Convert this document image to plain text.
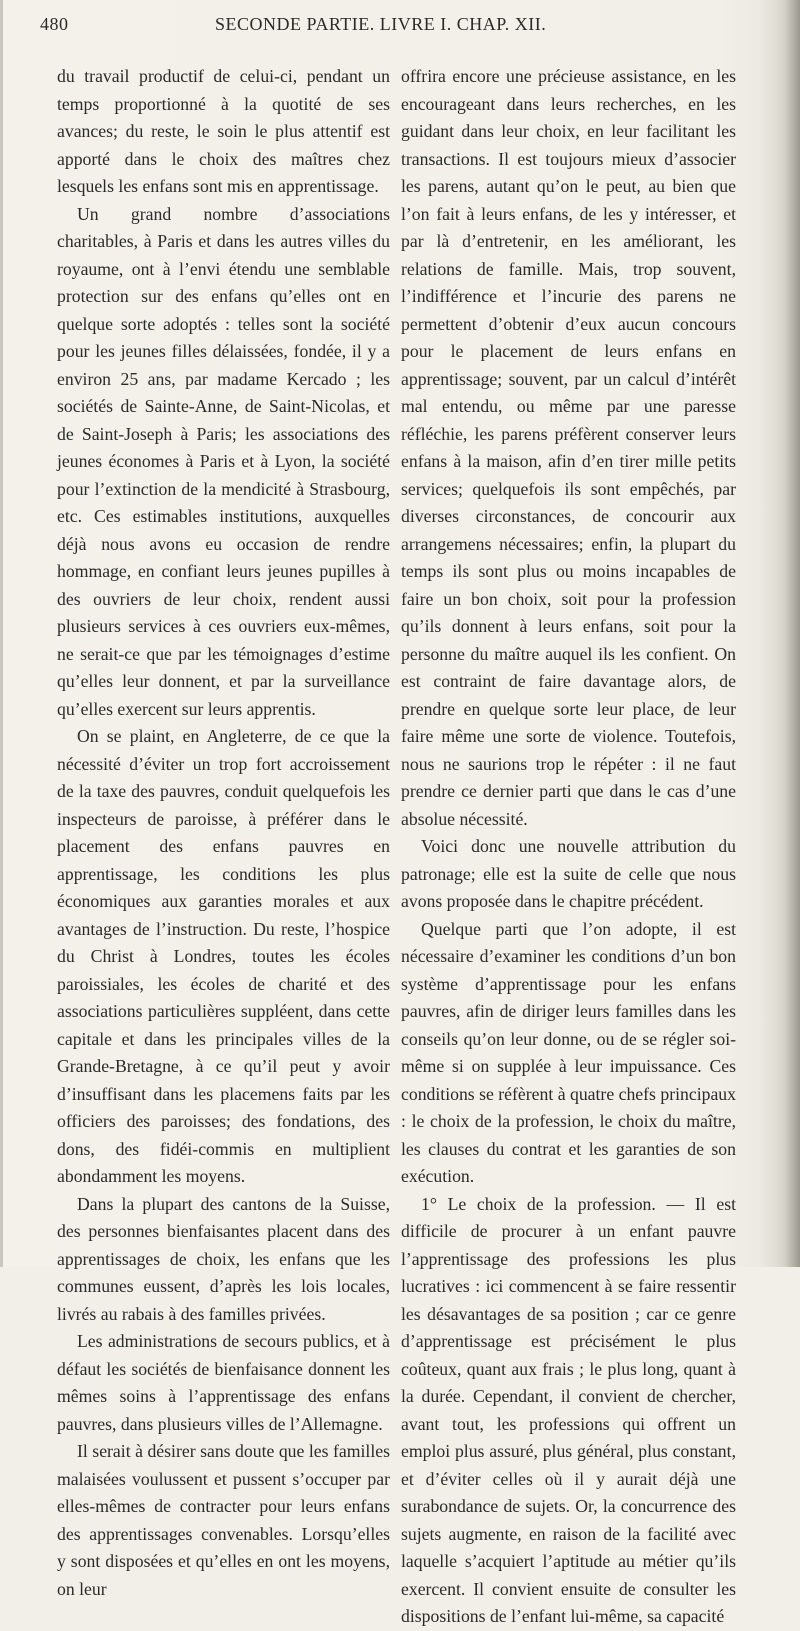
480	SECONDE PARTIE. LIVRE I. CHAP. XII.

du travail productif de celui-ci, pendant un temps proportionné à la quotité de ses avances; du reste, le soin le plus attentif est apporté dans le choix des maîtres chez lesquels les enfans sont mis en apprentissage.

Un grand nombre d’associations charitables, à Paris et dans les autres villes du royaume, ont à l’envi étendu une semblable protection sur des enfans qu’elles ont en quelque sorte adoptés : telles sont la société pour les jeunes filles délaissées, fondée, il y a environ 25 ans, par madame Kercado ; les sociétés de Sainte-Anne, de Saint-Nicolas, et de Saint-Joseph à Paris; les associations des jeunes économes à Paris et à Lyon, la société pour l’extinction de la mendicité à Strasbourg, etc. Ces estimables institutions, auxquelles déjà nous avons eu occasion de rendre hommage, en confiant leurs jeunes pupilles à des ouvriers de leur choix, rendent aussi plusieurs services à ces ouvriers eux-mêmes, ne serait-ce que par les témoignages d’estime qu’elles leur donnent, et par la surveillance qu’elles exercent sur leurs apprentis.

On se plaint, en Angleterre, de ce que la nécessité d’éviter un trop fort accroissement de la taxe des pauvres, conduit quelquefois les inspecteurs de paroisse, à préférer dans le placement des enfans pauvres en apprentissage, les conditions les plus économiques aux garanties morales et aux avantages de l’instruction. Du reste, l’hospice du Christ à Londres, toutes les écoles paroissiales, les écoles de charité et des associations particulières suppléent, dans cette capitale et dans les principales villes de la Grande-Bretagne, à ce qu’il peut y avoir d’insuffisant dans les placemens faits par les officiers des paroisses; des fondations, des dons, des fidéi-commis en multiplient abondamment les moyens.

Dans la plupart des cantons de la Suisse, des personnes bienfaisantes placent dans des apprentissages de choix, les enfans que les communes eussent, d’après les lois locales, livrés au rabais à des familles privées.

Les administrations de secours publics, et à défaut les sociétés de bienfaisance donnent les mêmes soins à l’apprentissage des enfans pauvres, dans plusieurs villes de l’Allemagne.

Il serait à désirer sans doute que les familles malaisées voulussent et pussent s’occuper par elles-mêmes de contracter pour leurs enfans des apprentissages convenables. Lorsqu’elles y sont disposées et qu’elles en ont les moyens, on leur

offrira encore une précieuse assistance, en les encourageant dans leurs recherches, en les guidant dans leur choix, en leur facilitant les transactions. Il est toujours mieux d’associer les parens, autant qu’on le peut, au bien que l’on fait à leurs enfans, de les y intéresser, et par là d’entretenir, en les améliorant, les relations de famille. Mais, trop souvent, l’indifférence et l’incurie des parens ne permettent d’obtenir d’eux aucun concours pour le placement de leurs enfans en apprentissage; souvent, par un calcul d’intérêt mal entendu, ou même par une paresse réfléchie, les parens préfèrent conserver leurs enfans à la maison, afin d’en tirer mille petits services; quelquefois ils sont empêchés, par diverses circonstances, de concourir aux arrangemens nécessaires; enfin, la plupart du temps ils sont plus ou moins incapables de faire un bon choix, soit pour la profession qu’ils donnent à leurs enfans, soit pour la personne du maître auquel ils les confient. On est contraint de faire davantage alors, de prendre en quelque sorte leur place, de leur faire même une sorte de violence. Toutefois, nous ne saurions trop le répéter : il ne faut prendre ce dernier parti que dans le cas d’une absolue nécessité.

Voici donc une nouvelle attribution du patronage; elle est la suite de celle que nous avons proposée dans le chapitre précédent.

Quelque parti que l’on adopte, il est nécessaire d’examiner les conditions d’un bon système d’apprentissage pour les enfans pauvres, afin de diriger leurs familles dans les conseils qu’on leur donne, ou de se régler soi-même si on supplée à leur impuissance. Ces conditions se réfèrent à quatre chefs principaux : le choix de la profession, le choix du maître, les clauses du contrat et les garanties de son exécution.

1° Le choix de la profession. — Il est difficile de procurer à un enfant pauvre l’apprentissage des professions les plus lucratives : ici commencent à se faire ressentir les désavantages de sa position ; car ce genre d’apprentissage est précisément le plus coûteux, quant aux frais ; le plus long, quant à la durée. Cependant, il convient de chercher, avant tout, les professions qui offrent un emploi plus assuré, plus général, plus constant, et d’éviter celles où il y aurait déjà une surabondance de sujets. Or, la concurrence des sujets augmente, en raison de la facilité avec laquelle s’acquiert l’aptitude au métier qu’ils exercent. Il convient ensuite de consulter les dispositions de l’enfant lui-même, sa capacité
